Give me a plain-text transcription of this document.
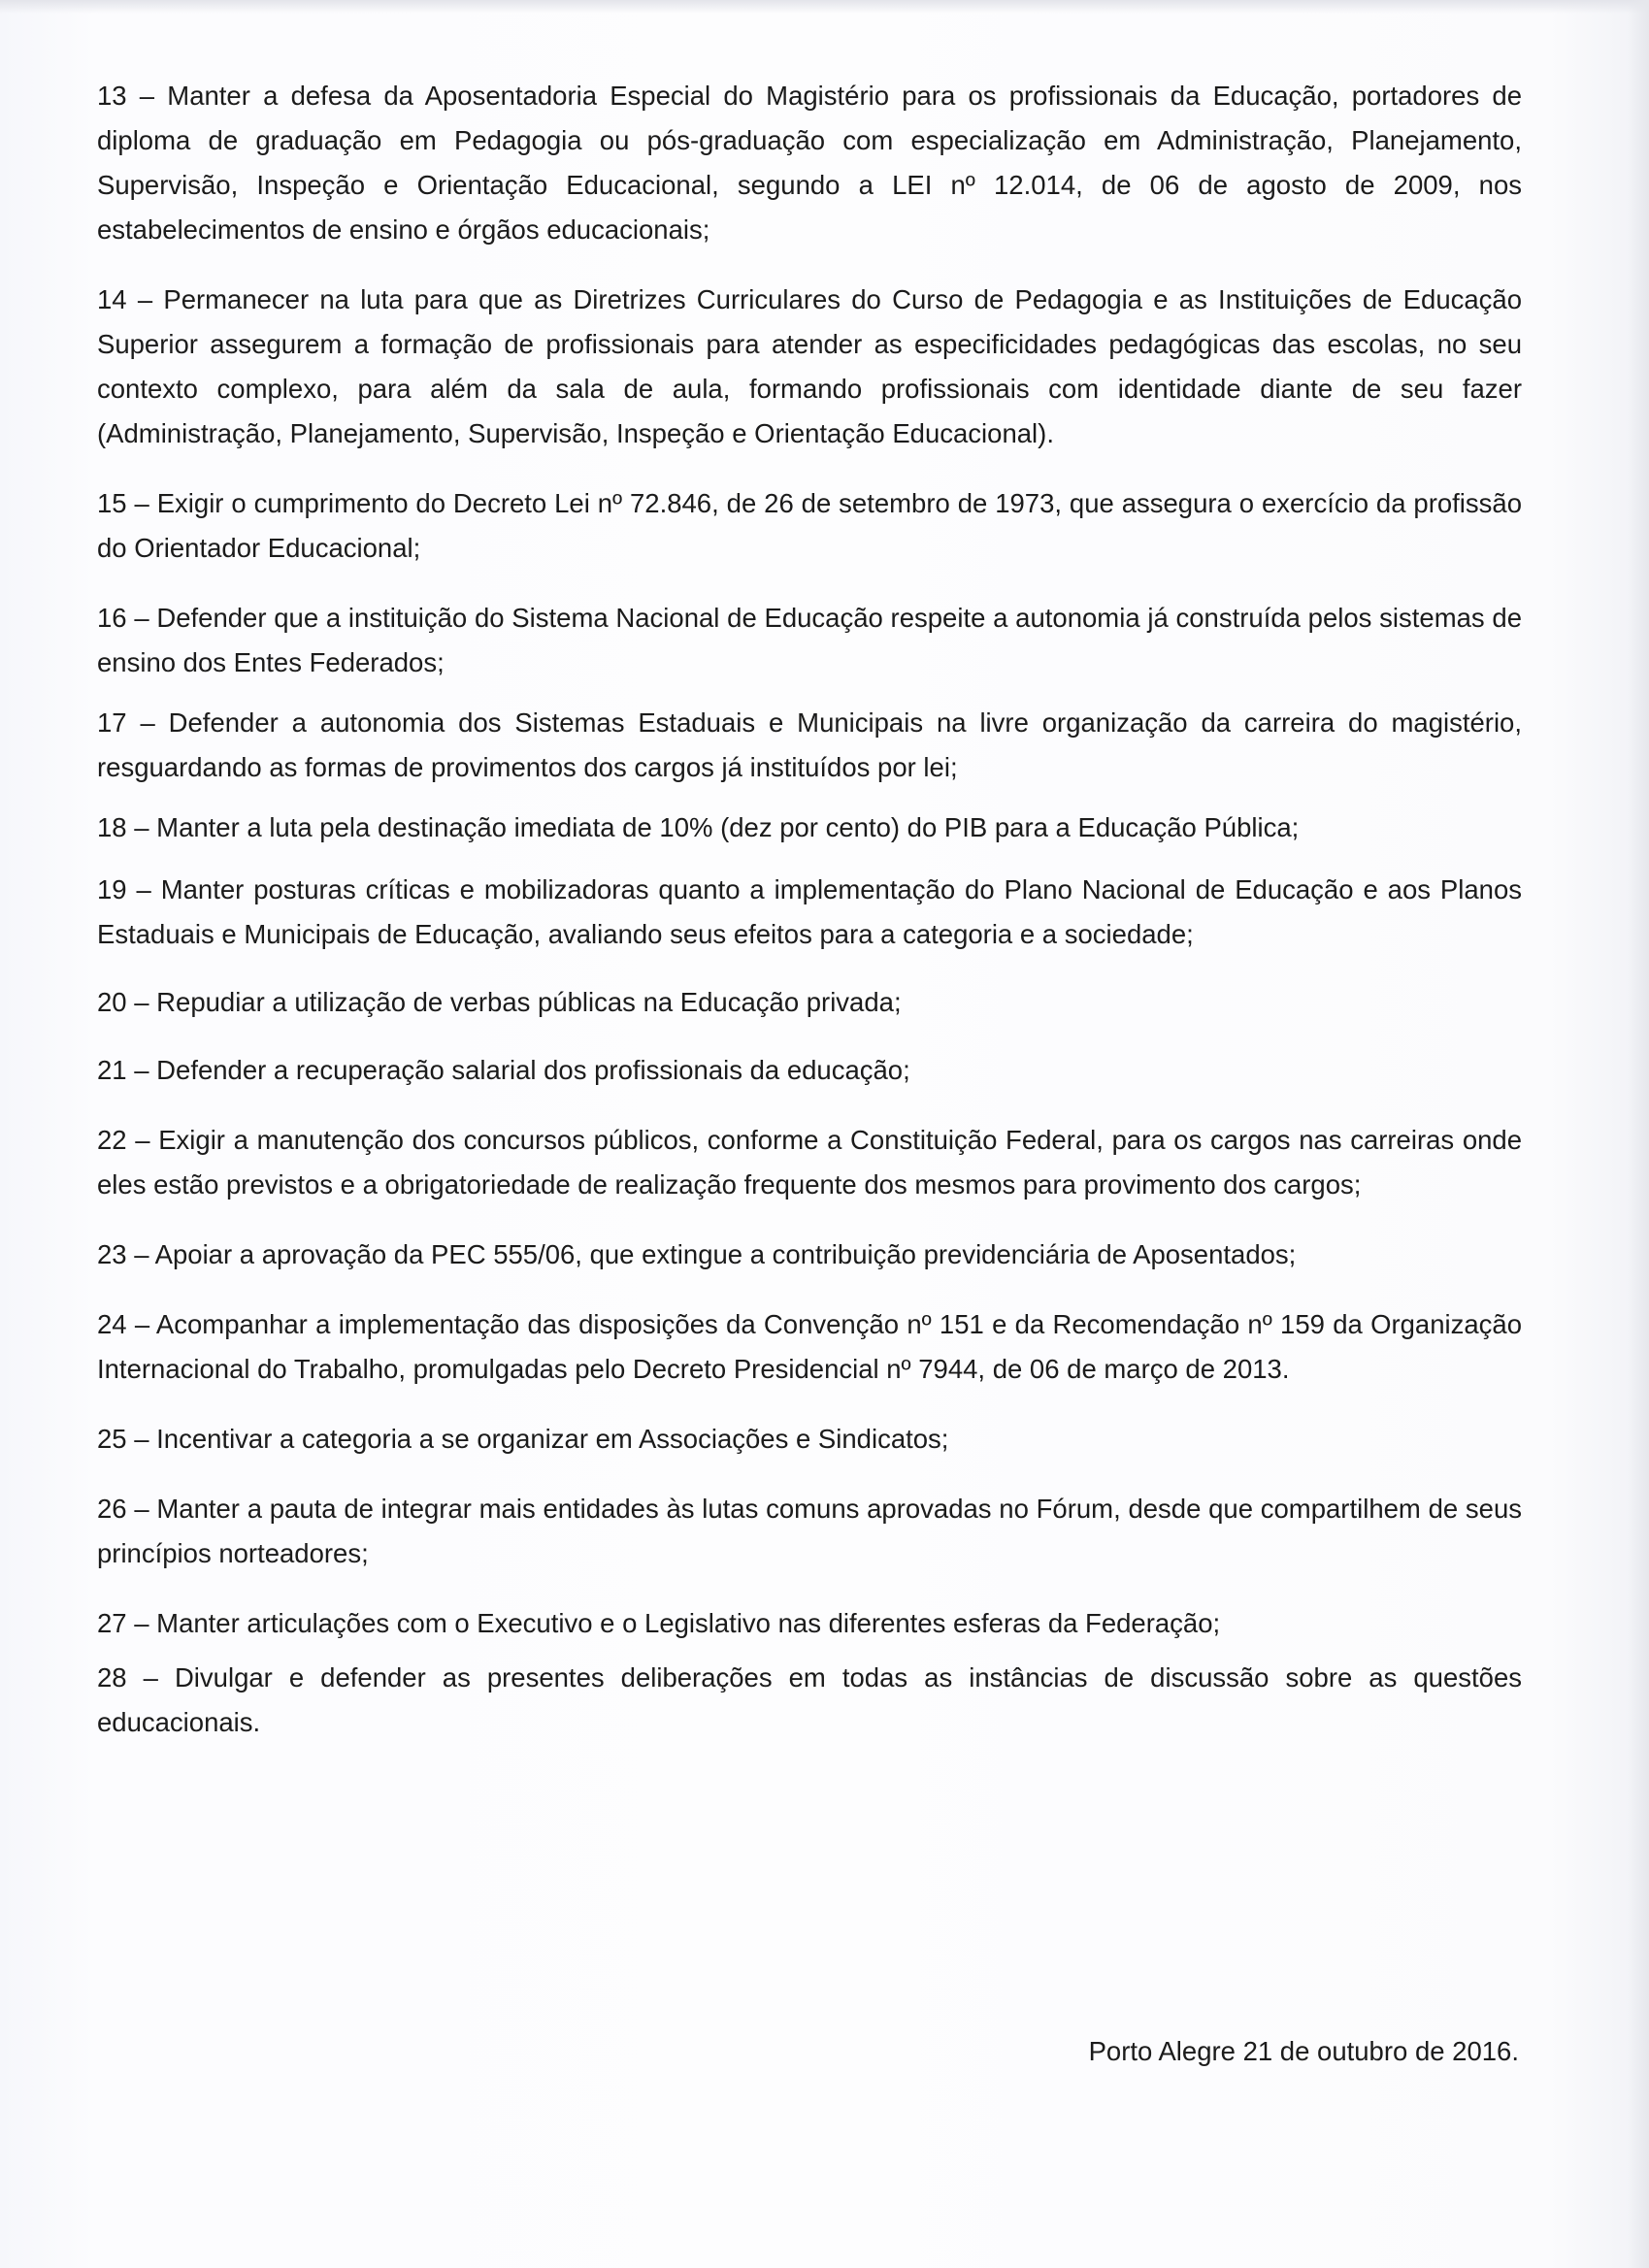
13 – Manter a defesa da Aposentadoria Especial do Magistério para os profissionais da Educação, portadores de diploma de graduação em Pedagogia ou pós-graduação com especialização em Administração, Planejamento, Supervisão, Inspeção e Orientação Educacional, segundo a LEI nº 12.014, de 06 de agosto de 2009, nos estabelecimentos de ensino e órgãos educacionais;

14 – Permanecer na luta para que as Diretrizes Curriculares do Curso de Pedagogia e as Instituições de Educação Superior assegurem a formação de profissionais para atender as especificidades pedagógicas das escolas, no seu contexto complexo, para além da sala de aula, formando profissionais com identidade diante de seu fazer (Administração, Planejamento, Supervisão, Inspeção e Orientação Educacional).

15 – Exigir o cumprimento do Decreto Lei nº 72.846, de 26 de setembro de 1973, que assegura o exercício da profissão do Orientador Educacional;

16 – Defender que a instituição do Sistema Nacional de Educação respeite a autonomia já construída pelos sistemas de ensino dos Entes Federados;

17 – Defender a autonomia dos Sistemas Estaduais e Municipais na livre organização da carreira do magistério, resguardando as formas de provimentos dos cargos já instituídos por lei;

18 – Manter a luta pela destinação imediata de 10% (dez por cento) do PIB para a Educação Pública;

19 – Manter posturas críticas e mobilizadoras quanto a implementação do Plano Nacional de Educação e aos Planos Estaduais e Municipais de Educação, avaliando seus efeitos para a categoria e a sociedade;

20 – Repudiar a utilização de verbas públicas na Educação privada;

21 – Defender a recuperação salarial dos profissionais da educação;

22 – Exigir a manutenção dos concursos públicos, conforme a Constituição Federal, para os cargos nas carreiras onde eles estão previstos e a obrigatoriedade de realização frequente dos mesmos para provimento dos cargos;

23 – Apoiar a aprovação da PEC 555/06, que extingue a contribuição previdenciária de Aposentados;

24 – Acompanhar a implementação das disposições da Convenção nº 151 e da Recomendação nº 159 da Organização Internacional do Trabalho, promulgadas pelo Decreto Presidencial nº 7944, de 06 de março de 2013.

25 – Incentivar a categoria a se organizar em Associações e Sindicatos;

26 – Manter a pauta de integrar mais entidades às lutas comuns aprovadas no Fórum, desde que compartilhem de seus princípios norteadores;

27 – Manter articulações com o Executivo e o Legislativo nas diferentes esferas da Federação;

28 – Divulgar e defender as presentes deliberações em todas as instâncias de discussão sobre as questões educacionais.

Porto Alegre 21 de outubro de 2016.
